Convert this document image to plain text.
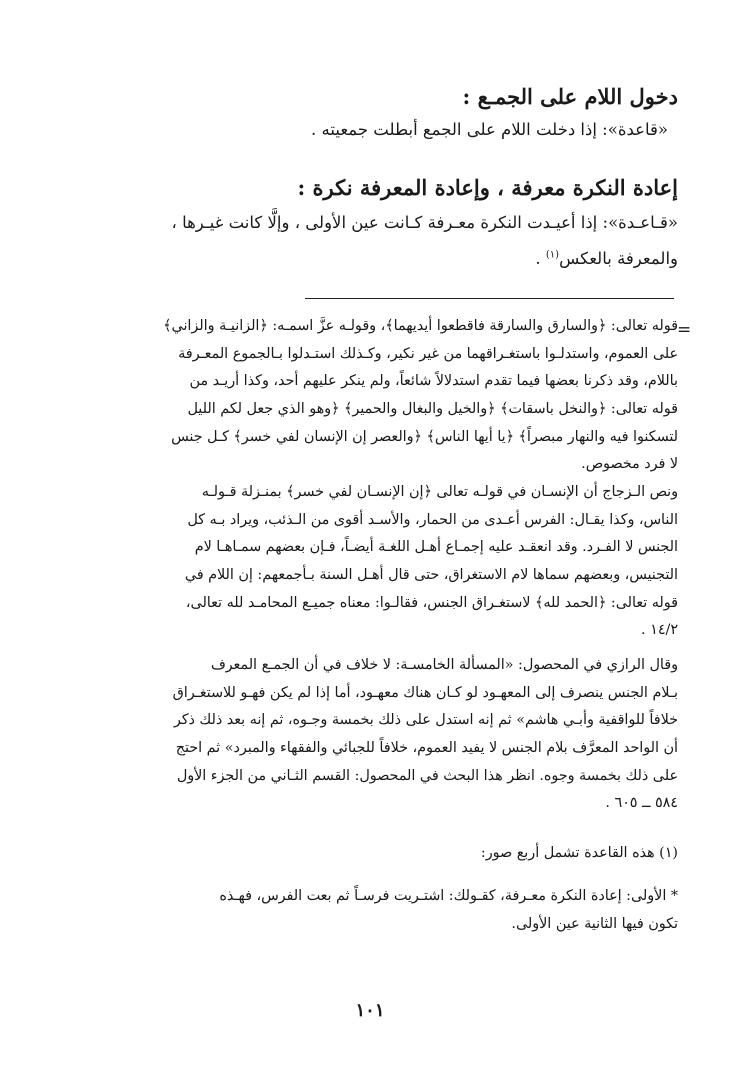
دخول اللام على الجمـع :
«قاعدة»: إذا دخلت اللام على الجمع أبطلت جمعيته .
إعادة النكرة معرفة ، وإعادة المعرفة نكرة :
«قـاعـدة»: إذا أعيـدت النكرة معـرفة كـانت عين الأولى ، وإلَّا كانت غيـرها ،
والمعرفة بالعكس$^{(١)}$ .
=
قوله تعالى: ﴿والسارق والسارقة فاقطعوا أيديهما﴾، وقولـه عزَّ اسمـه: ﴿الزانيـة والزاني﴾
على العموم، واستدلـوا باستغـراقهما من غير نكير، وكـذلك استـدلوا بـالجموع المعـرفة
باللام، وقد ذكرنا بعضها فيما تقدم استدلالاً شائعاً، ولم ينكر عليهم أحد، وكذا أريـد من
قوله تعالى: ﴿والنخل باسقات﴾ ﴿والخيل والبغال والحمير﴾ ﴿وهو الذي جعل لكم الليل
لتسكنوا فيه والنهار مبصراً﴾ ﴿يا أيها الناس﴾ ﴿والعصر إن الإنسان لفي خسر﴾ كـل جنس
لا فرد مخصوص.
ونص الـزجاج أن الإنسـان في قولـه تعالى ﴿إن الإنسـان لفي خسر﴾ بمنـزلة قـولـه
الناس، وكذا يقـال: الفرس أعـدى من الحمار، والأسـد أقوى من الـذئب، ويراد بـه كل
الجنس لا الفـرد. وقد انعقـد عليه إجمـاع أهـل اللغـة أيضـاً، فـإن بعضهم سمـاهـا لام
التجنيس، وبعضهم سماها لام الاستغراق، حتى قال أهـل السنة بـأجمعهم: إن اللام في
قوله تعالى: ﴿الحمد لله﴾ لاستغـراق الجنس، فقالـوا: معناه جميـع المحامـد لله تعالى،
١٤/٢ .
وقال الرازي في المحصول: «المسألة الخامسـة: لا خلاف في أن الجمـع المعرف
بـلام الجنس ينصرف إلى المعهـود لو كـان هناك معهـود، أما إذا لم يكن فهـو للاستغـراق
خلافاً للواقفية وأبـي هاشم» ثم إنه استدل على ذلك بخمسة وجـوه، ثم إنه بعد ذلك ذكر
أن الواحد المعرَّف بلام الجنس لا يفيد العموم، خلافاً للجبائي والفقهاء والمبرد» ثم احتج
على ذلك بخمسة وجوه. انظر هذا البحث في المحصول: القسم الثـاني من الجزء الأول
٥٨٤ ــ ٦٠٥ .
(١) هذه القاعدة تشمل أربع صور:
* الأولى: إعادة النكرة معـرفة، كقـولك: اشتـريت فرسـاً ثم بعت الفرس، فهـذه
تكون فيها الثانية عين الأولى.
١٠١
